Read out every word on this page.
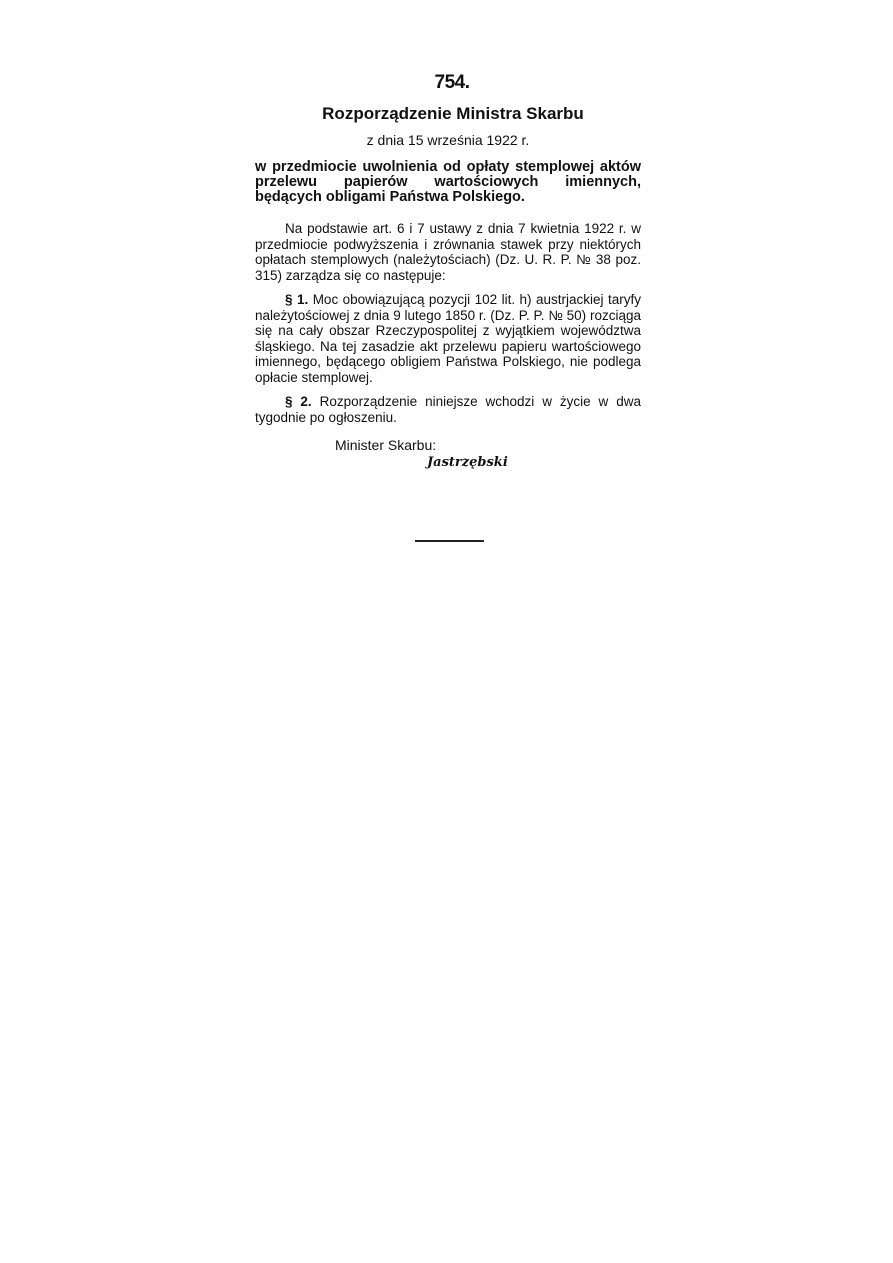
754.
Rozporządzenie Ministra Skarbu
z dnia 15 września 1922 r.
w przedmiocie uwolnienia od opłaty stemplowej aktów przelewu papierów wartościowych imiennych, będących obligami Państwa Polskiego.
Na podstawie art. 6 i 7 ustawy z dnia 7 kwietnia 1922 r. w przedmiocie podwyższenia i zrównania stawek przy niektórych opłatach stemplowych (należytościach) (Dz. U. R. P. № 38 poz. 315) zarządza się co następuje:
§ 1. Moc obowiązującą pozycji 102 lit. h) austrjackiej taryfy należytościowej z dnia 9 lutego 1850 r. (Dz. P. P. № 50) rozciąga się na cały obszar Rzeczypospolitej z wyjątkiem województwa śląskiego. Na tej zasadzie akt przelewu papieru wartościowego imiennego, będącego obligiem Państwa Polskiego, nie podlega opłacie stemplowej.
§ 2. Rozporządzenie niniejsze wchodzi w życie w dwa tygodnie po ogłoszeniu.
Minister Skarbu:
Jastrzębski
